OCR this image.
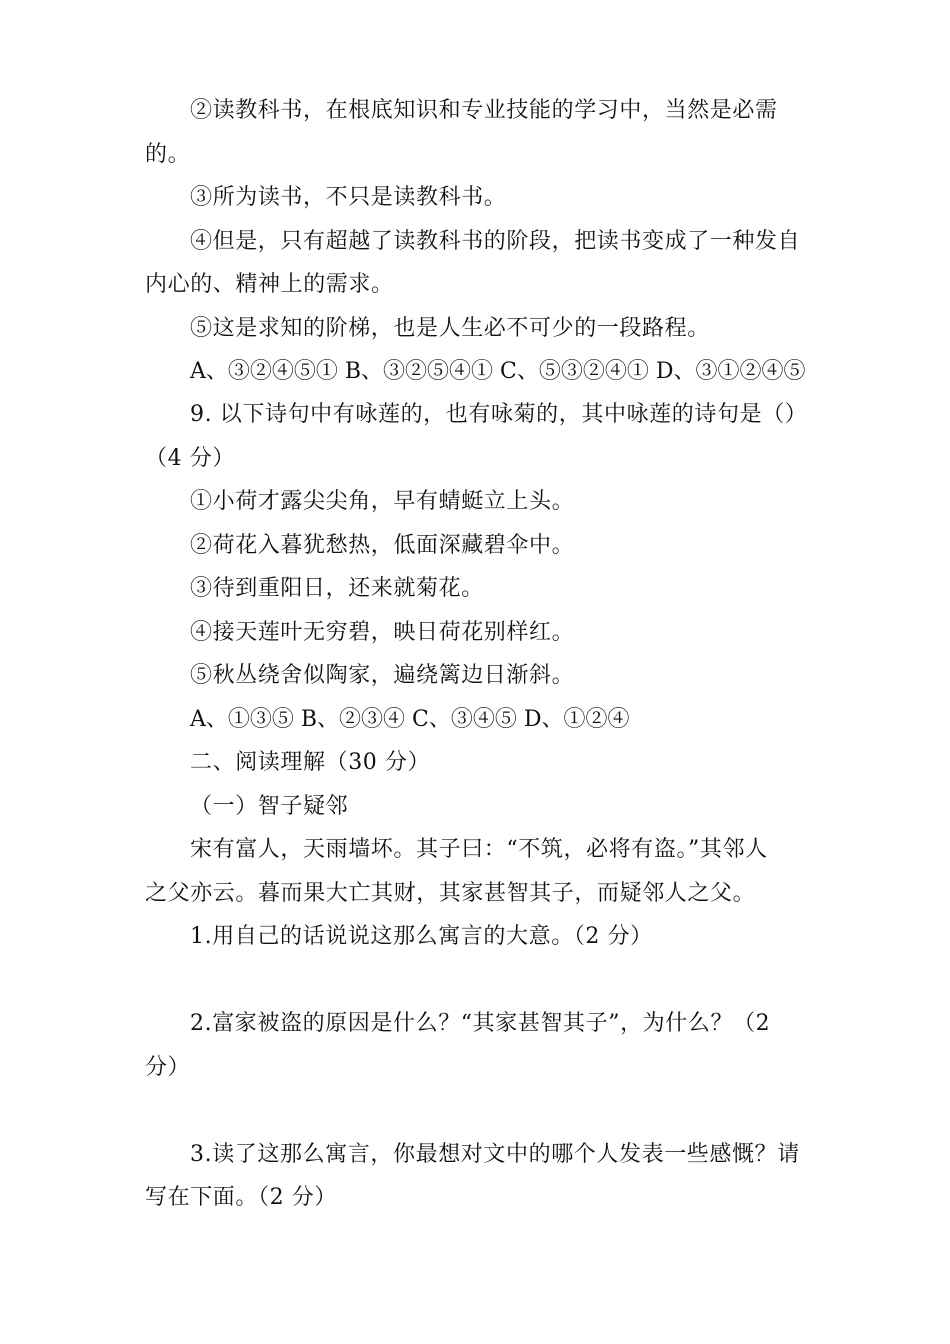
②读教科书，在根底知识和专业技能的学习中，当然是必需
的。
③所为读书，不只是读教科书。
④但是，只有超越了读教科书的阶段，把读书变成了一种发自
内心的、精神上的需求。
⑤这是求知的阶梯，也是人生必不可少的一段路程。
A、③②④⑤① B、③②⑤④① C、⑤③②④① D、③①②④⑤
9. 以下诗句中有咏莲的，也有咏菊的，其中咏莲的诗句是（）
（4 分）
①小荷才露尖尖角，早有蜻蜓立上头。
②荷花入暮犹愁热，低面深藏碧伞中。
③待到重阳日，还来就菊花。
④接天莲叶无穷碧，映日荷花别样红。
⑤秋丛绕舍似陶家，遍绕篱边日渐斜。
A、①③⑤ B、②③④ C、③④⑤ D、①②④
二、阅读理解（30 分）
（一）智子疑邻
宋有富人，天雨墙坏。其子曰：“不筑，必将有盗。”其邻人
之父亦云。暮而果大亡其财，其家甚智其子，而疑邻人之父。
1.用自己的话说说这那么寓言的大意。（2 分）
2.富家被盗的原因是什么？“其家甚智其子”，为什么？（2
分）
3.读了这那么寓言，你最想对文中的哪个人发表一些感慨？请
写在下面。（2 分）
